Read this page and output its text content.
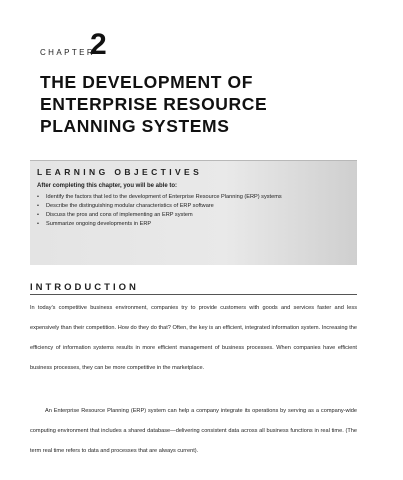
CHAPTER
2
THE DEVELOPMENT OF
ENTERPRISE RESOURCE
PLANNING SYSTEMS
LEARNING OBJECTIVES
After completing this chapter, you will be able to:
• Identify the factors that led to the development of Enterprise Resource Planning (ERP) systems
• Describe the distinguishing modular characteristics of ERP software
• Discuss the pros and cons of implementing an ERP system
• Summarize ongoing developments in ERP
INTRODUCTION

In today's competitive business environment, companies try to provide customers with goods and services faster and less expensively than their competition. How do they do that? Often, the key is an efficient, integrated information system. Increasing the efficiency of information systems results in more efficient management of business processes. When companies have efficient business processes, they can be more competitive in the marketplace.

An Enterprise Resource Planning (ERP) system can help a company integrate its operations by serving as a company-wide computing environment that includes a shared database—delivering consistent data across all business functions in real time. (The term real time refers to data and processes that are always current).
